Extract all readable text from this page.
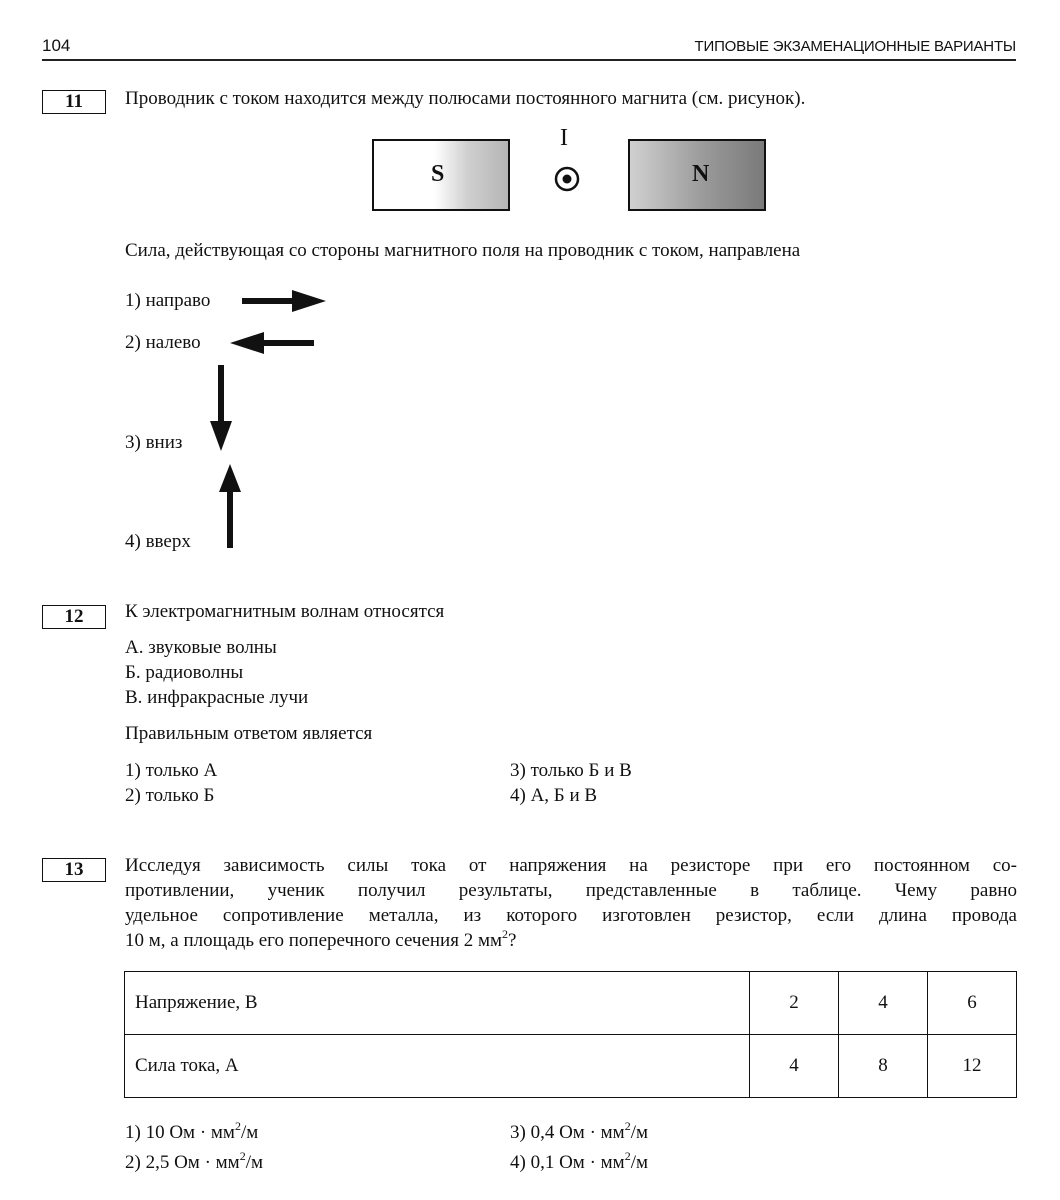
104	ТИПОВЫЕ ЭКЗАМЕНАЦИОННЫЕ ВАРИАНТЫ
11	Проводник с током находится между полюсами постоянного магнита (см. рисунок).
S
I
N
Сила, действующая со стороны магнитного поля на проводник с током, направлена
1) направо
2) налево
3) вниз
4) вверх
12	К электромагнитным волнам относятся
А. звуковые волны
Б. радиоволны
В. инфракрасные лучи
Правильным ответом является
1) только А
2) только Б
3) только Б и В
4) А, Б и В
13	Исследуя зависимость силы тока от напряжения на резисторе при его постоянном со-
противлении, ученик получил результаты, представленные в таблице. Чему равно
удельное сопротивление металла, из которого изготовлен резистор, если длина провода
10 м, а площадь его поперечного сечения 2 $мм^2$?
Напряжение, В	2	4	6
Сила тока, А	4	8	12
1) 10 Ом · $мм^2/м$
2) 2,5 Ом · $мм^2/м$
3) 0,4 Ом · $мм^2/м$
4) 0,1 Ом · $мм^2/м$
